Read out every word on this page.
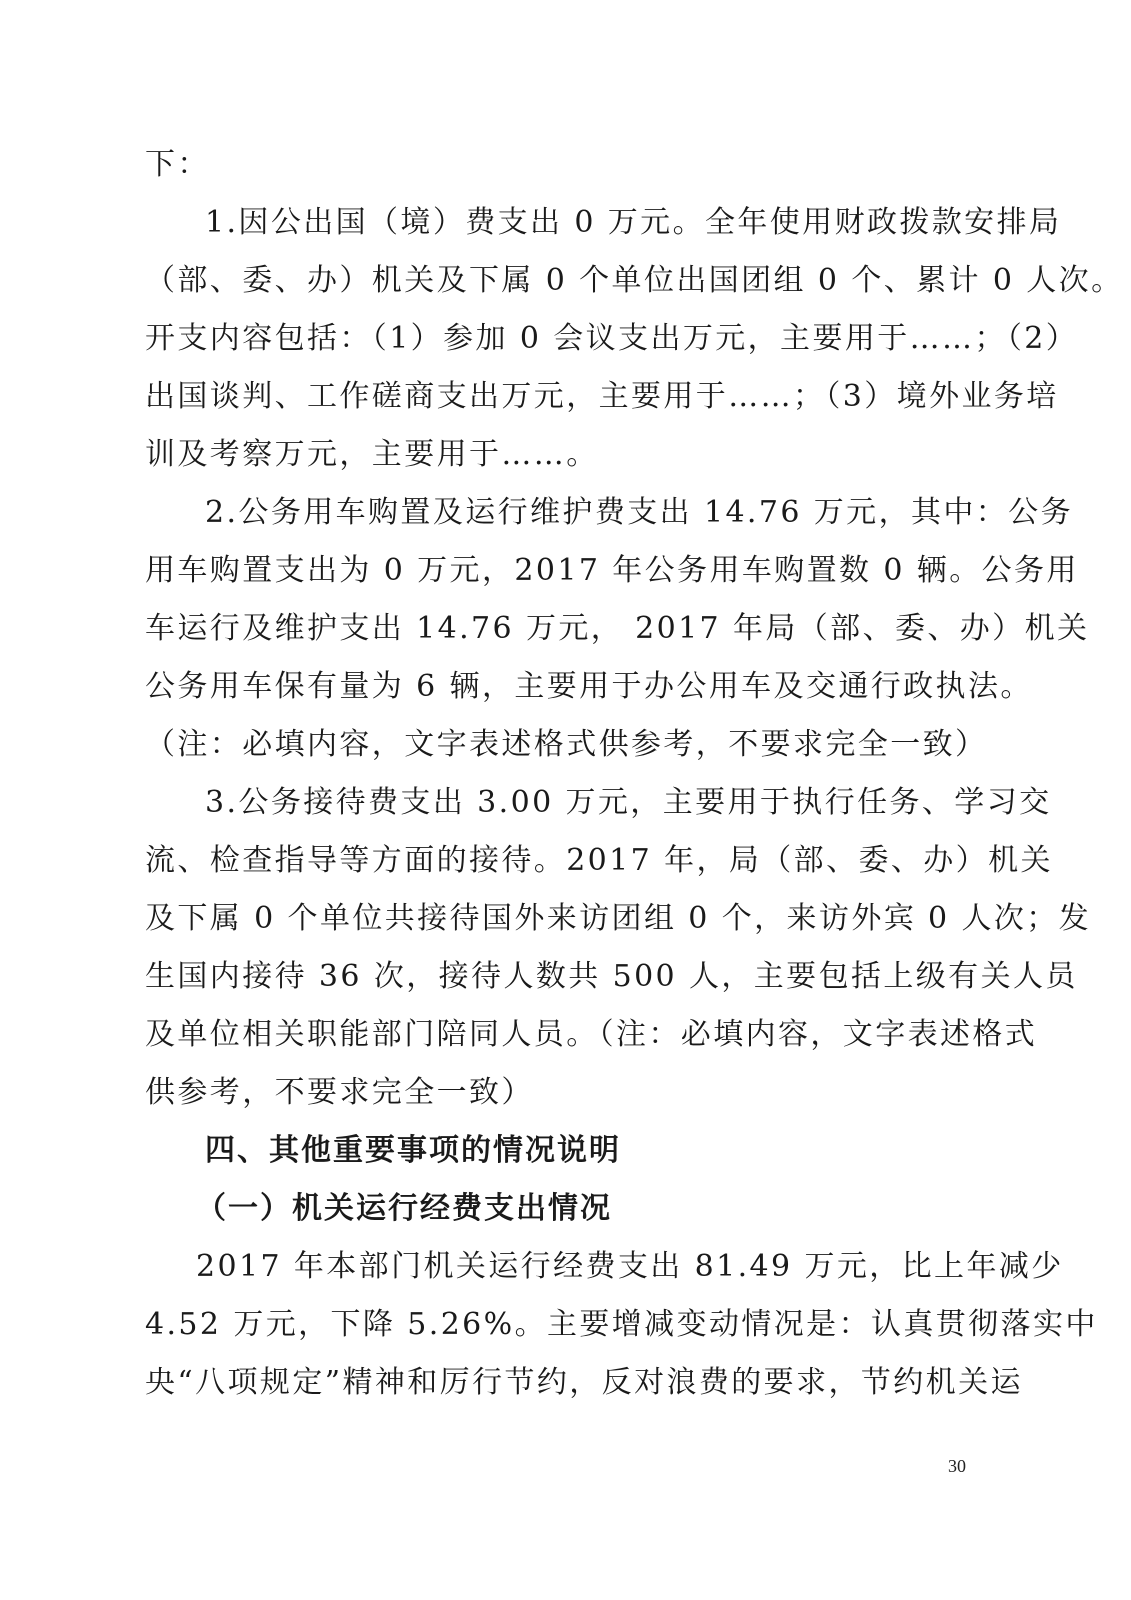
下：
1.因公出国（境）费支出 0 万元。全年使用财政拨款安排局
（部、委、办）机关及下属 0 个单位出国团组 0 个、累计 0 人次。
开支内容包括：（1）参加 0 会议支出万元，主要用于……；（2）
出国谈判、工作磋商支出万元，主要用于……；（3）境外业务培
训及考察万元，主要用于……。
2.公务用车购置及运行维护费支出 14.76 万元，其中：公务
用车购置支出为 0 万元，2017 年公务用车购置数 0 辆。公务用
车运行及维护支出 14.76 万元， 2017 年局（部、委、办）机关
公务用车保有量为 6 辆，主要用于办公用车及交通行政执法。
（注：必填内容，文字表述格式供参考，不要求完全一致）
3.公务接待费支出 3.00 万元，主要用于执行任务、学习交
流、检查指导等方面的接待。2017 年，局（部、委、办）机关
及下属 0 个单位共接待国外来访团组 0 个，来访外宾 0 人次；发
生国内接待 36 次，接待人数共 500 人，主要包括上级有关人员
及单位相关职能部门陪同人员。（注：必填内容，文字表述格式
供参考，不要求完全一致）
四、其他重要事项的情况说明
（一）机关运行经费支出情况
2017 年本部门机关运行经费支出 81.49 万元，比上年减少
4.52 万元，下降 5.26%。主要增减变动情况是：认真贯彻落实中
央“八项规定”精神和厉行节约，反对浪费的要求，节约机关运
30
